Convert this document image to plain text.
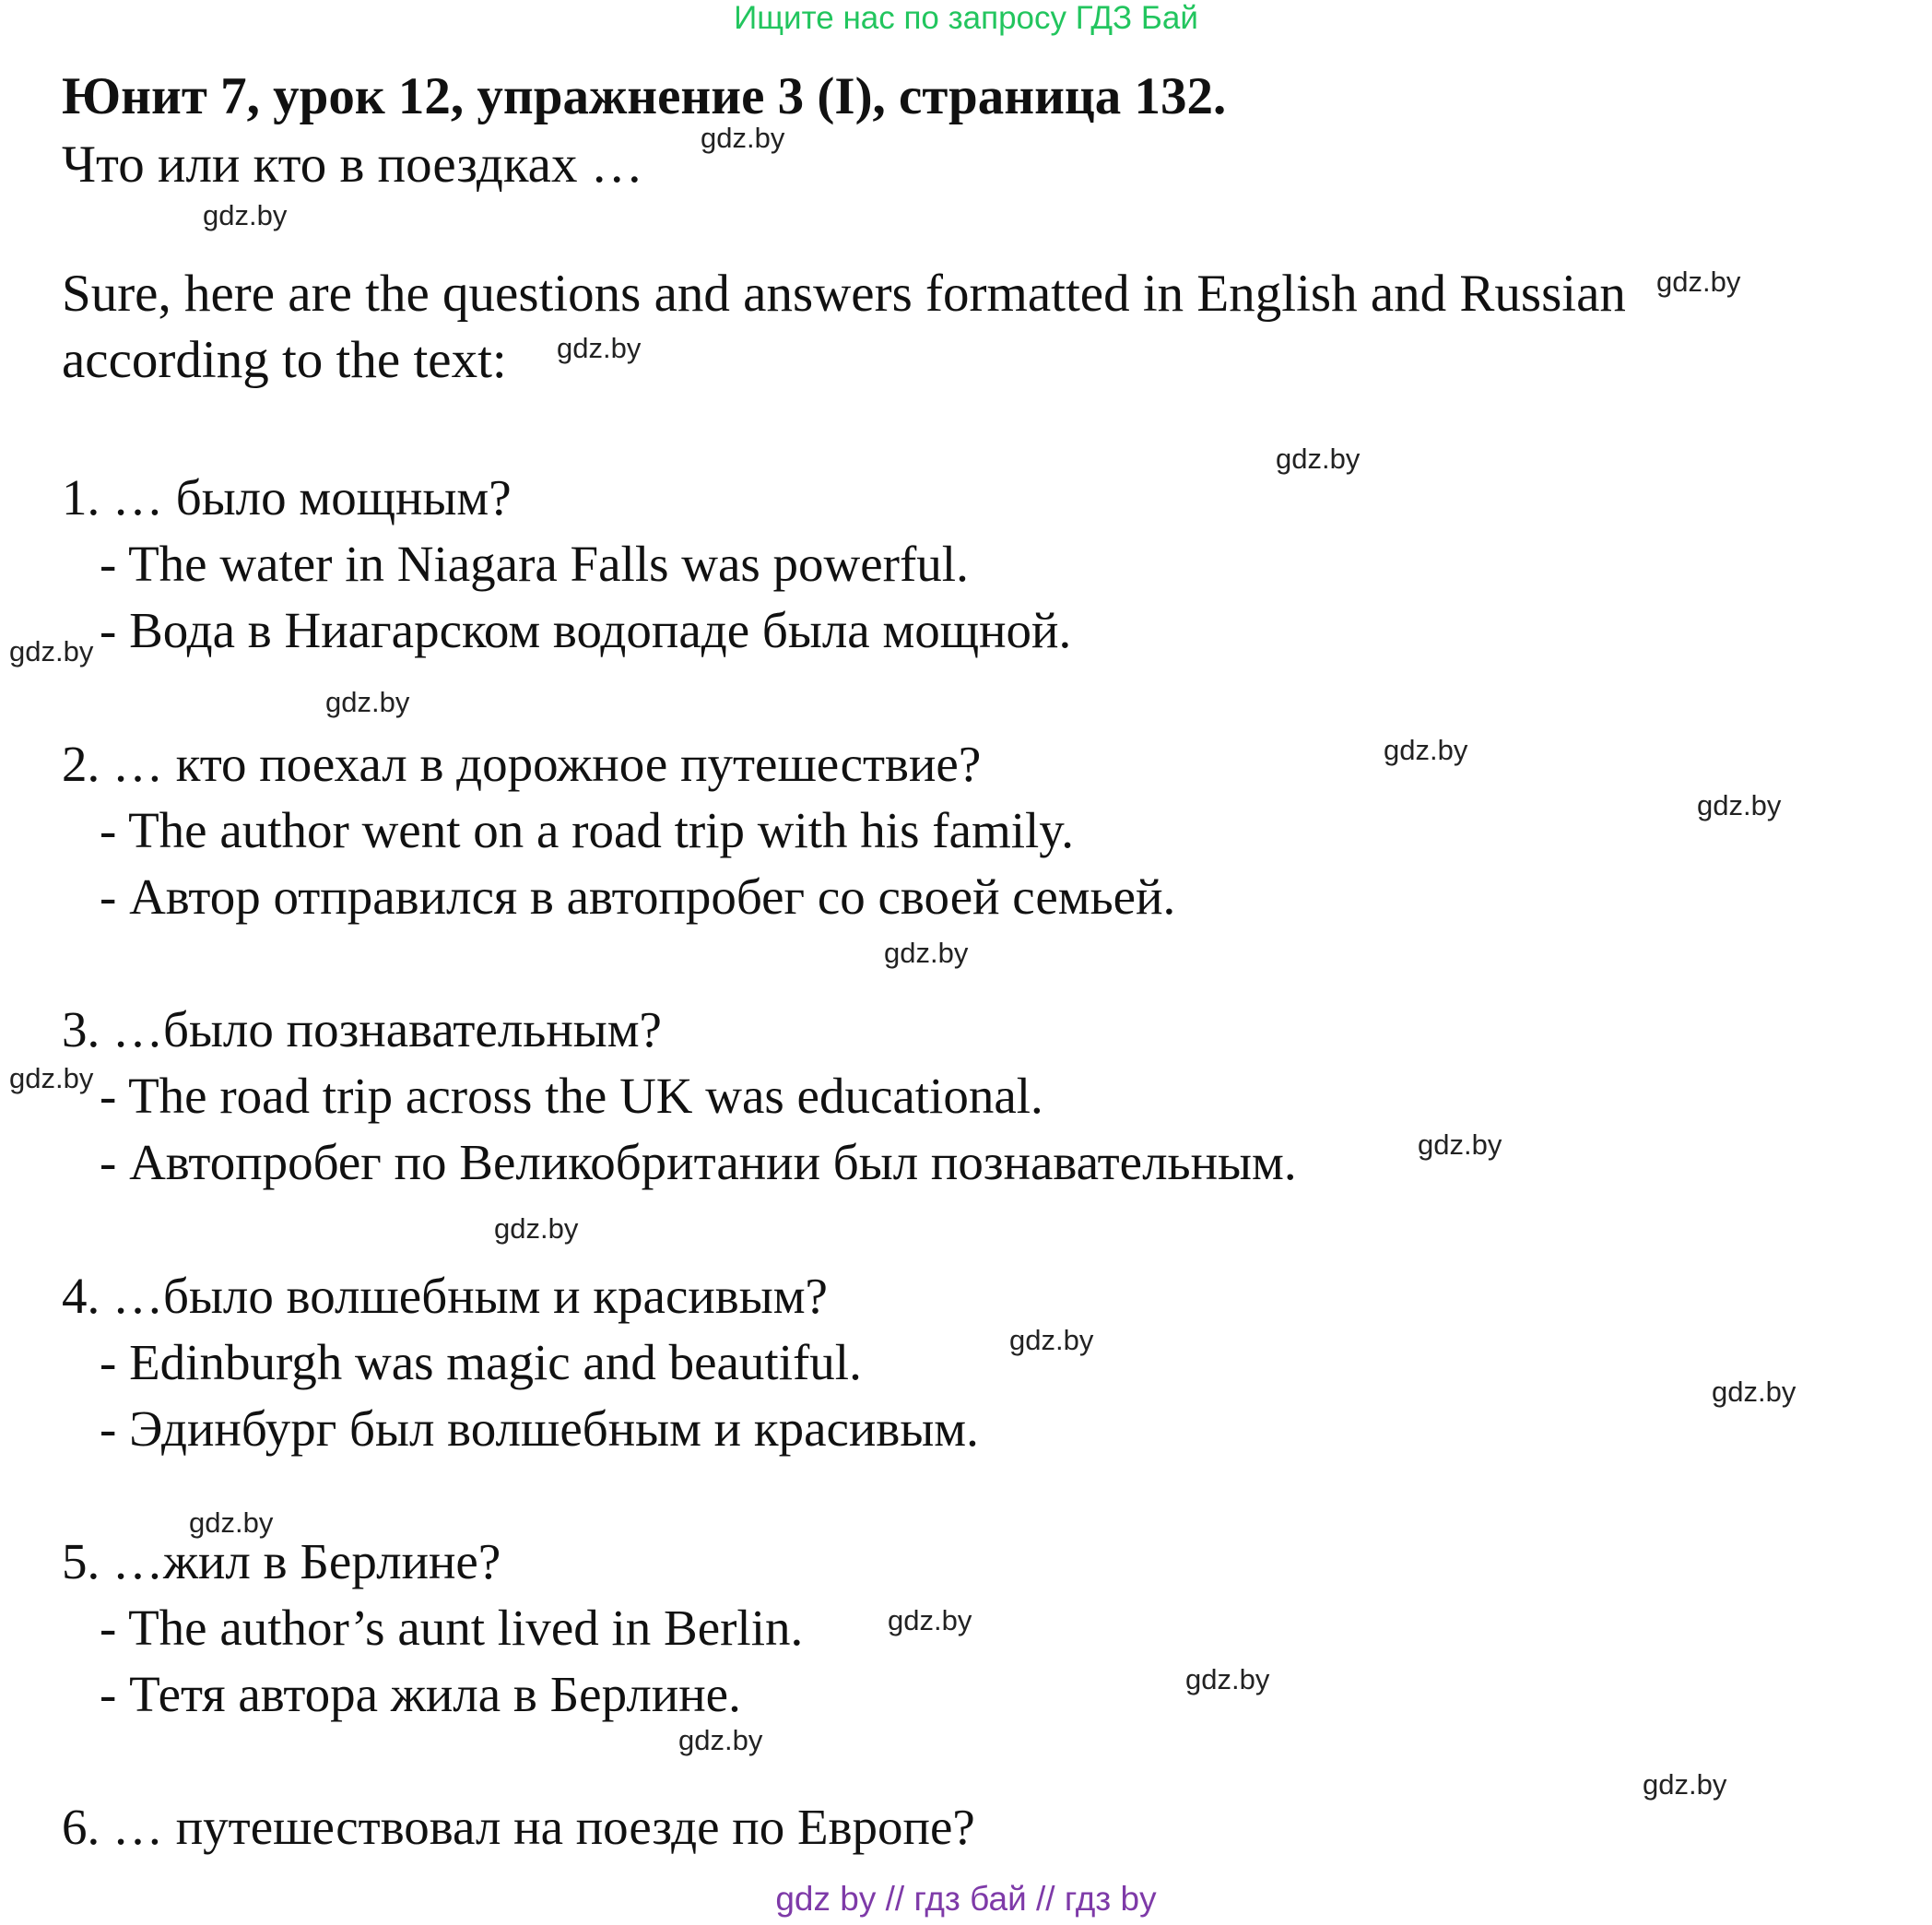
Ищите нас по запросу ГДЗ Бай
Юнит 7, урок 12, упражнение 3 (I), страница 132.
Что или кто в поездках …
Sure, here are the questions and answers formatted in English and Russian
according to the text:
1. … было мощным?
- The water in Niagara Falls was powerful.
- Вода в Ниагарском водопаде была мощной.
2. … кто поехал в дорожное путешествие?
- The author went on a road trip with his family.
- Автор отправился в автопробег со своей семьей.
3. …было познавательным?
- The road trip across the UK was educational.
- Автопробег по Великобритании был познавательным.
4. …было волшебным и красивым?
- Edinburgh was magic and beautiful.
- Эдинбург был волшебным и красивым.
5. …жил в Берлине?
- The author’s aunt lived in Berlin.
- Тетя автора жила в Берлине.
6. … путешествовал на поезде по Европе?
gdz.by
gdz.by
gdz.by
gdz.by
gdz.by
gdz.by
gdz.by
gdz.by
gdz.by
gdz.by
gdz.by
gdz.by
gdz.by
gdz.by
gdz.by
gdz.by
gdz.by
gdz.by
gdz.by
gdz.by
gdz by // гдз бай // гдз by
